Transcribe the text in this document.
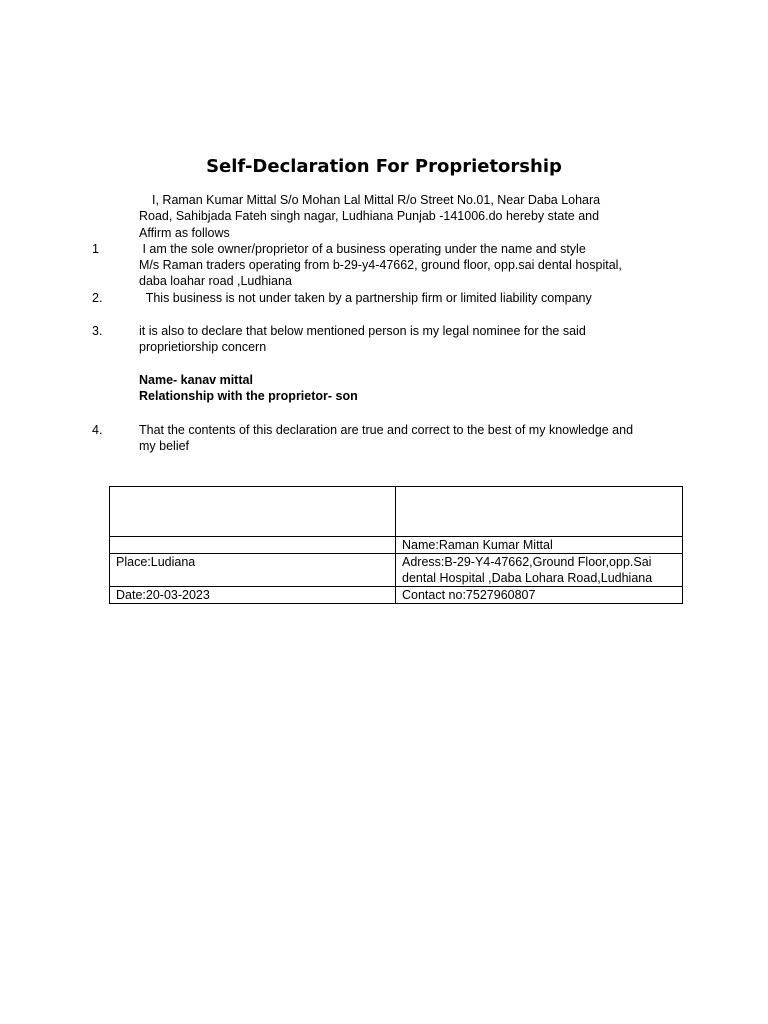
Self-Declaration For Proprietorship
I, Raman Kumar Mittal S/o Mohan Lal Mittal R/o Street No.01, Near Daba Lohara
Road, Sahibjada Fateh singh nagar, Ludhiana Punjab -141006.do hereby state and
Affirm as follows
1	I am the sole owner/proprietor of a business operating under the name and style
M/s Raman traders operating from b-29-y4-47662, ground floor, opp.sai dental hospital,
daba loahar road ,Ludhiana
2.	This business is not under taken by a partnership firm or limited liability company
3.	it is also to declare that below mentioned person is my legal nominee for the said
proprietiorship concern
Name- kanav mittal
Relationship with the proprietor- son
4.	That the contents of this declaration are true and correct to the best of my knowledge and
my belief

	Name:Raman Kumar Mittal
Place:Ludiana	Adress:B-29-Y4-47662,Ground Floor,opp.Sai
dental Hospital ,Daba Lohara Road,Ludhiana

Date:20-03-2023	Contact no:7527960807
